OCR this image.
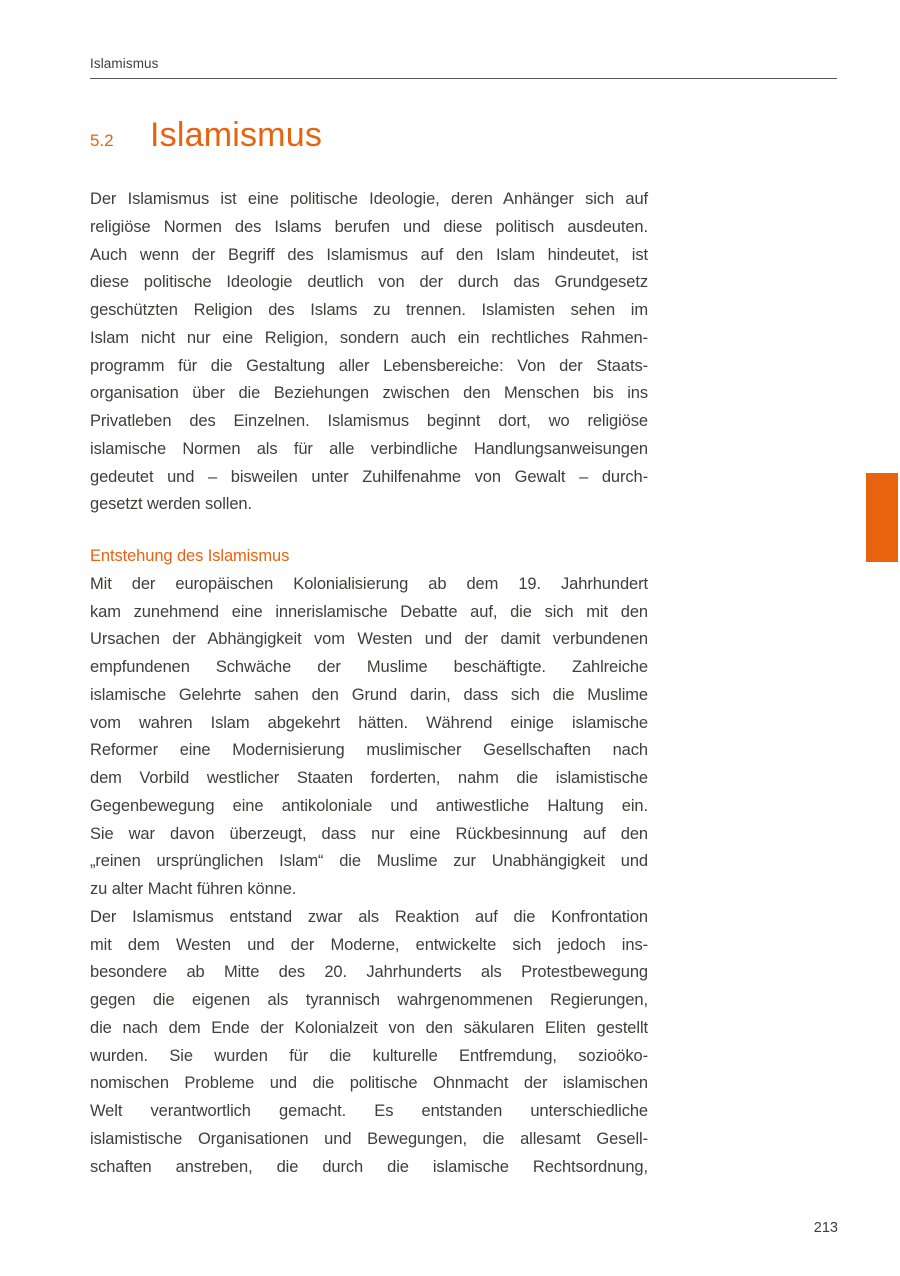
Islamismus
5.2	Islamismus
Der Islamismus ist eine politische Ideologie, deren Anhänger sich auf
religiöse Normen des Islams berufen und diese politisch ausdeuten.
Auch wenn der Begriff des Islamismus auf den Islam hindeutet, ist
diese politische Ideologie deutlich von der durch das Grundgesetz
geschützten Religion des Islams zu trennen. Islamisten sehen im
Islam nicht nur eine Religion, sondern auch ein rechtliches Rahmen-
programm für die Gestaltung aller Lebensbereiche: Von der Staats-
organisation über die Beziehungen zwischen den Menschen bis ins
Privatleben des Einzelnen. Islamismus beginnt dort, wo religiöse
islamische Normen als für alle verbindliche Handlungsanweisungen
gedeutet und – bisweilen unter Zuhilfenahme von Gewalt – durch-
gesetzt werden sollen.
Entstehung des Islamismus
Mit der europäischen Kolonialisierung ab dem 19. Jahrhundert
kam zunehmend eine innerislamische Debatte auf, die sich mit den
Ursachen der Abhängigkeit vom Westen und der damit verbundenen
empfundenen Schwäche der Muslime beschäftigte. Zahlreiche
islamische Gelehrte sahen den Grund darin, dass sich die Muslime
vom wahren Islam abgekehrt hätten. Während einige islamische
Reformer eine Modernisierung muslimischer Gesellschaften nach
dem Vorbild westlicher Staaten forderten, nahm die islamistische
Gegenbewegung eine antikoloniale und antiwestliche Haltung ein.
Sie war davon überzeugt, dass nur eine Rückbesinnung auf den
„reinen ursprünglichen Islam“ die Muslime zur Unabhängigkeit und
zu alter Macht führen könne.
Der Islamismus entstand zwar als Reaktion auf die Konfrontation
mit dem Westen und der Moderne, entwickelte sich jedoch ins-
besondere ab Mitte des 20. Jahrhunderts als Protestbewegung
gegen die eigenen als tyrannisch wahrgenommenen Regierungen,
die nach dem Ende der Kolonialzeit von den säkularen Eliten gestellt
wurden. Sie wurden für die kulturelle Entfremdung, sozioöko-
nomischen Probleme und die politische Ohnmacht der islamischen
Welt verantwortlich gemacht. Es entstanden unterschiedliche
islamistische Organisationen und Bewegungen, die allesamt Gesell-
schaften anstreben, die durch die islamische Rechtsordnung,
213
